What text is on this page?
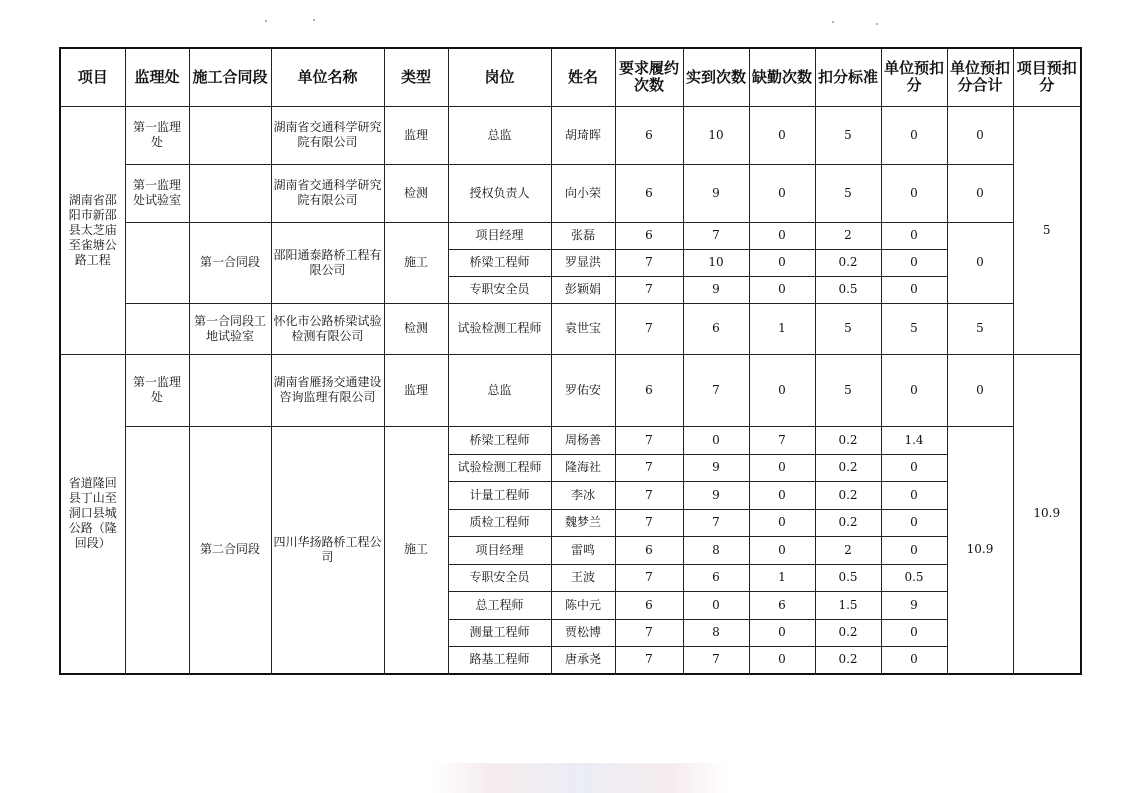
项目	监理处	施工合同段	单位名称	类型	岗位	姓名	要求履约次数	实到次数	缺勤次数	扣分标准	单位预扣分	单位预扣分合计	项目预扣分
湖南省邵阳市新邵县太芝庙至雀塘公路工程	第一监理处		湖南省交通科学研究院有限公司	监理	总监	胡琦晖	6	10	0	5	0	0	5
	第一监理处试验室		湖南省交通科学研究院有限公司	检测	授权负责人	向小荣	6	9	0	5	0	0	
		第一合同段	邵阳通泰路桥工程有限公司	施工	项目经理	张磊	6	7	0	2	0	0	
					桥梁工程师	罗显洪	7	10	0	0.2	0		
					专职安全员	彭颖娟	7	9	0	0.5	0		
		第一合同段工地试验室	怀化市公路桥梁试验检测有限公司	检测	试验检测工程师	袁世宝	7	6	1	5	5	5	
省道隆回县丁山至洞口县城公路（隆回段）	第一监理处		湖南省雁扬交通建设咨询监理有限公司	监理	总监	罗佑安	6	7	0	5	0	0	10.9
		第二合同段	四川华扬路桥工程公司	施工	桥梁工程师	周杨善	7	0	7	0.2	1.4	10.9	
					试验检测工程师	隆海社	7	9	0	0.2	0		
					计量工程师	李冰	7	9	0	0.2	0		
					质检工程师	魏梦兰	7	7	0	0.2	0		
					项目经理	雷鸣	6	8	0	2	0		
					专职安全员	王波	7	6	1	0.5	0.5		
					总工程师	陈中元	6	0	6	1.5	9		
					测量工程师	贾松博	7	8	0	0.2	0		
					路基工程师	唐承尧	7	7	0	0.2	0		
